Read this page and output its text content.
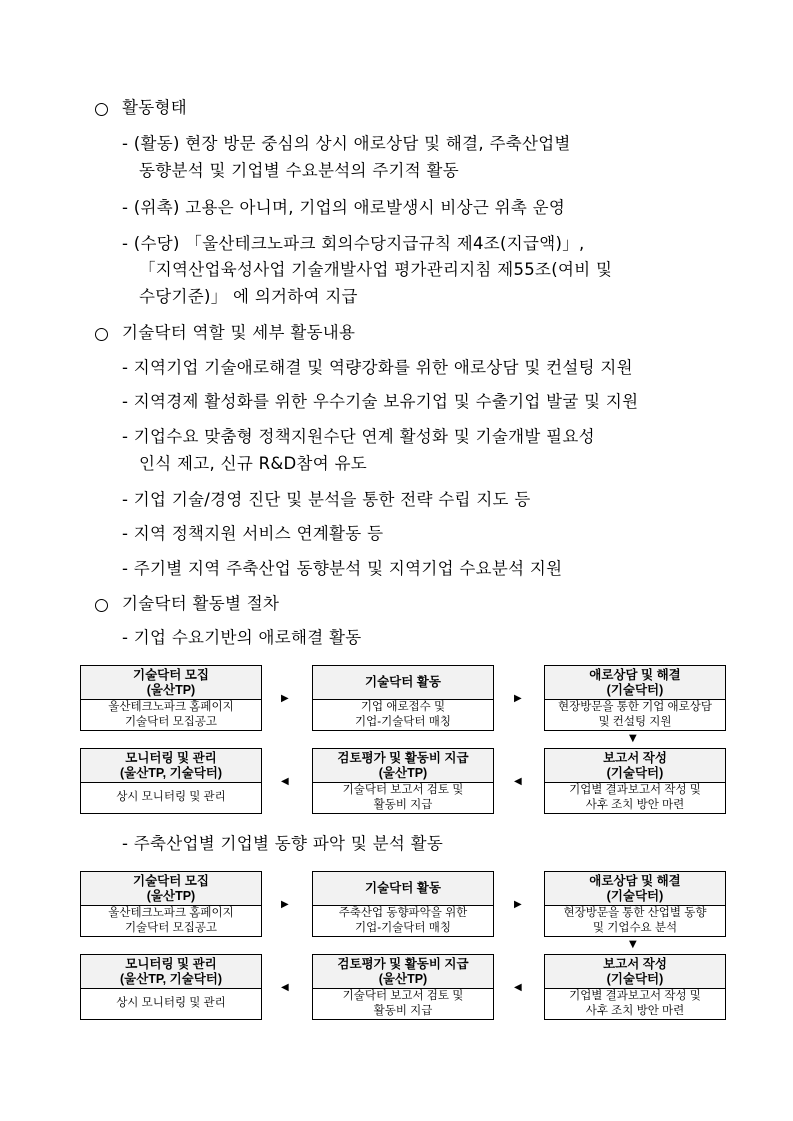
활동형태
- (활동) 현장 방문 중심의 상시 애로상담 및 해결, 주축산업별
동향분석 및 기업별 수요분석의 주기적 활동
- (위촉) 고용은 아니며, 기업의 애로발생시 비상근 위촉 운영
- (수당) 「울산테크노파크 회의수당지급규칙 제4조(지급액)」,
「지역산업육성사업 기술개발사업 평가관리지침 제55조(여비 및
수당기준)」 에 의거하여 지급
기술닥터 역할 및 세부 활동내용
- 지역기업 기술애로해결 및 역량강화를 위한 애로상담 및 컨설팅 지원
- 지역경제 활성화를 위한 우수기술 보유기업 및 수출기업 발굴 및 지원
- 기업수요 맞춤형 정책지원수단 연계 활성화 및 기술개발 필요성
인식 제고, 신규 R&D참여 유도
- 기업 기술/경영 진단 및 분석을 통한 전략 수립 지도 등
- 지역 정책지원 서비스 연계활동 등
- 주기별 지역 주축산업 동향분석 및 지역기업 수요분석 지원
기술닥터 활동별 절차
- 기업 수요기반의 애로해결 활동
기술닥터 모집
(울산TP)
울산테크노파크 홈페이지
기술닥터 모집공고
▶
기술닥터 활동
기업 애로접수 및
기업-기술닥터 매칭
▶
애로상담 및 해결
(기술닥터)
현장방문을 통한 기업 애로상담
및 컨설팅 지원
▼
모니터링 및 관리
(울산TP, 기술닥터)
상시 모니터링 및 관리
◀
검토평가 및 활동비 지급
(울산TP)
기술닥터 보고서 검토 및
활동비 지급
◀
보고서 작성
(기술닥터)
기업별 결과보고서 작성 및
사후 조치 방안 마련
- 주축산업별 기업별 동향 파악 및 분석 활동
기술닥터 모집
(울산TP)
울산테크노파크 홈페이지
기술닥터 모집공고
▶
기술닥터 활동
주축산업 동향파악을 위한
기업-기술닥터 매칭
▶
애로상담 및 해결
(기술닥터)
현장방문을 통한 산업별 동향
및 기업수요 분석
▼
모니터링 및 관리
(울산TP, 기술닥터)
상시 모니터링 및 관리
◀
검토평가 및 활동비 지급
(울산TP)
기술닥터 보고서 검토 및
활동비 지급
◀
보고서 작성
(기술닥터)
기업별 결과보고서 작성 및
사후 조치 방안 마련
